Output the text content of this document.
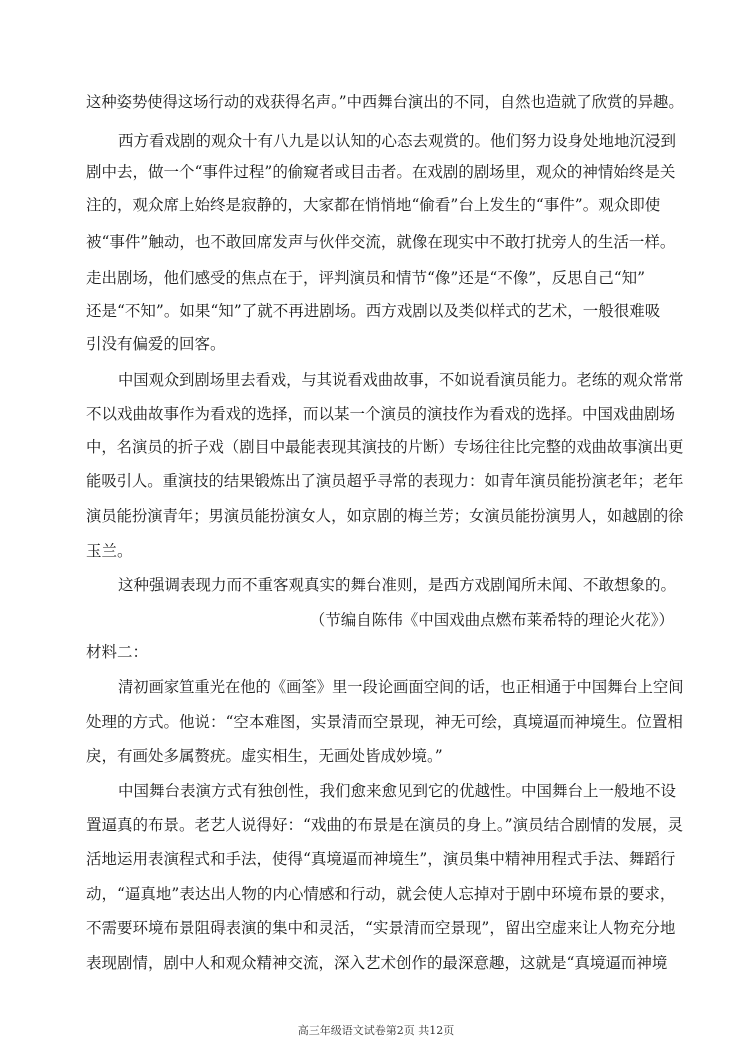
这种姿势使得这场行动的戏获得名声。”中西舞台演出的不同，自然也造就了欣赏的异趣。
西方看戏剧的观众十有八九是以认知的心态去观赏的。他们努力设身处地地沉浸到
剧中去，做一个“事件过程”的偷窥者或目击者。在戏剧的剧场里，观众的神情始终是关
注的，观众席上始终是寂静的，大家都在悄悄地“偷看”台上发生的“事件”。观众即使
被“事件”触动，也不敢回席发声与伙伴交流，就像在现实中不敢打扰旁人的生活一样。
走出剧场，他们感受的焦点在于，评判演员和情节“像”还是“不像”，反思自己“知”
还是“不知”。如果“知”了就不再进剧场。西方戏剧以及类似样式的艺术，一般很难吸
引没有偏爱的回客。
中国观众到剧场里去看戏，与其说看戏曲故事，不如说看演员能力。老练的观众常常
不以戏曲故事作为看戏的选择，而以某一个演员的演技作为看戏的选择。中国戏曲剧场
中，名演员的折子戏（剧目中最能表现其演技的片断）专场往往比完整的戏曲故事演出更
能吸引人。重演技的结果锻炼出了演员超乎寻常的表现力：如青年演员能扮演老年；老年
演员能扮演青年；男演员能扮演女人，如京剧的梅兰芳；女演员能扮演男人，如越剧的徐
玉兰。
这种强调表现力而不重客观真实的舞台准则，是西方戏剧闻所未闻、不敢想象的。
（节编自陈伟《中国戏曲点燃布莱希特的理论火花》）
材料二：
清初画家笪重光在他的《画筌》里一段论画面空间的话，也正相通于中国舞台上空间
处理的方式。他说：“空本难图，实景清而空景现，神无可绘，真境逼而神境生。位置相
戾，有画处多属赘疣。虚实相生，无画处皆成妙境。”
中国舞台表演方式有独创性，我们愈来愈见到它的优越性。中国舞台上一般地不设
置逼真的布景。老艺人说得好：“戏曲的布景是在演员的身上。”演员结合剧情的发展，灵
活地运用表演程式和手法，使得“真境逼而神境生”，演员集中精神用程式手法、舞蹈行
动，“逼真地”表达出人物的内心情感和行动，就会使人忘掉对于剧中环境布景的要求，
不需要环境布景阻碍表演的集中和灵活，“实景清而空景现”，留出空虚来让人物充分地
表现剧情，剧中人和观众精神交流，深入艺术创作的最深意趣，这就是“真境逼而神境
高三年级语文试卷第2页 共12页
